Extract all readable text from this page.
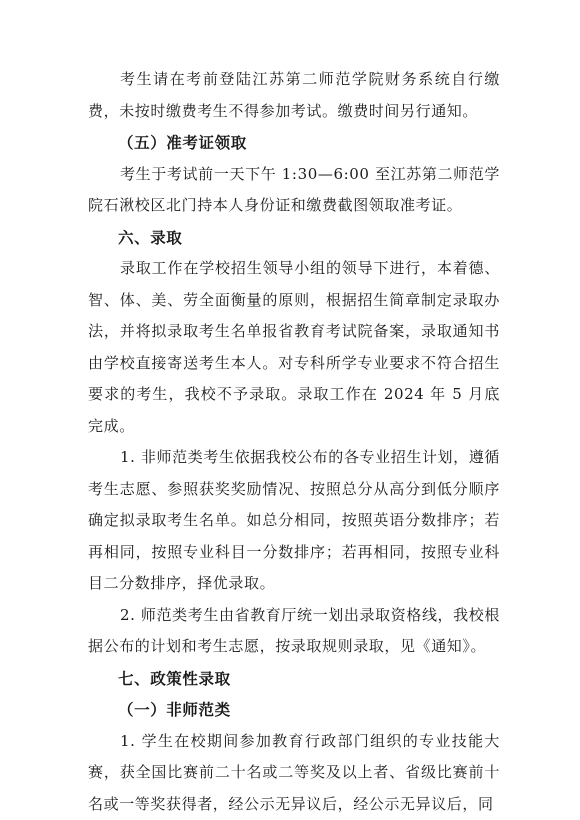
考生请在考前登陆江苏第二师范学院财务系统自行缴费，未按时缴费考生不得参加考试。缴费时间另行通知。

（五）准考证领取

考生于考试前一天下午 1:30—6:00 至江苏第二师范学院石湫校区北门持本人身份证和缴费截图领取准考证。

六、录取

录取工作在学校招生领导小组的领导下进行，本着德、智、体、美、劳全面衡量的原则，根据招生简章制定录取办法，并将拟录取考生名单报省教育考试院备案，录取通知书由学校直接寄送考生本人。对专科所学专业要求不符合招生要求的考生，我校不予录取。录取工作在 2024 年 5 月底完成。

1. 非师范类考生依据我校公布的各专业招生计划，遵循考生志愿、参照获奖奖励情况、按照总分从高分到低分顺序确定拟录取考生名单。如总分相同，按照英语分数排序；若再相同，按照专业科目一分数排序；若再相同，按照专业科目二分数排序，择优录取。

2. 师范类考生由省教育厅统一划出录取资格线，我校根据公布的计划和考生志愿，按录取规则录取，见《通知》。

七、政策性录取

（一）非师范类

1. 学生在校期间参加教育行政部门组织的专业技能大赛，获全国比赛前二十名或二等奖及以上者、省级比赛前十名或一等奖获得者，经公示无异议后，经公示无异议后，同
